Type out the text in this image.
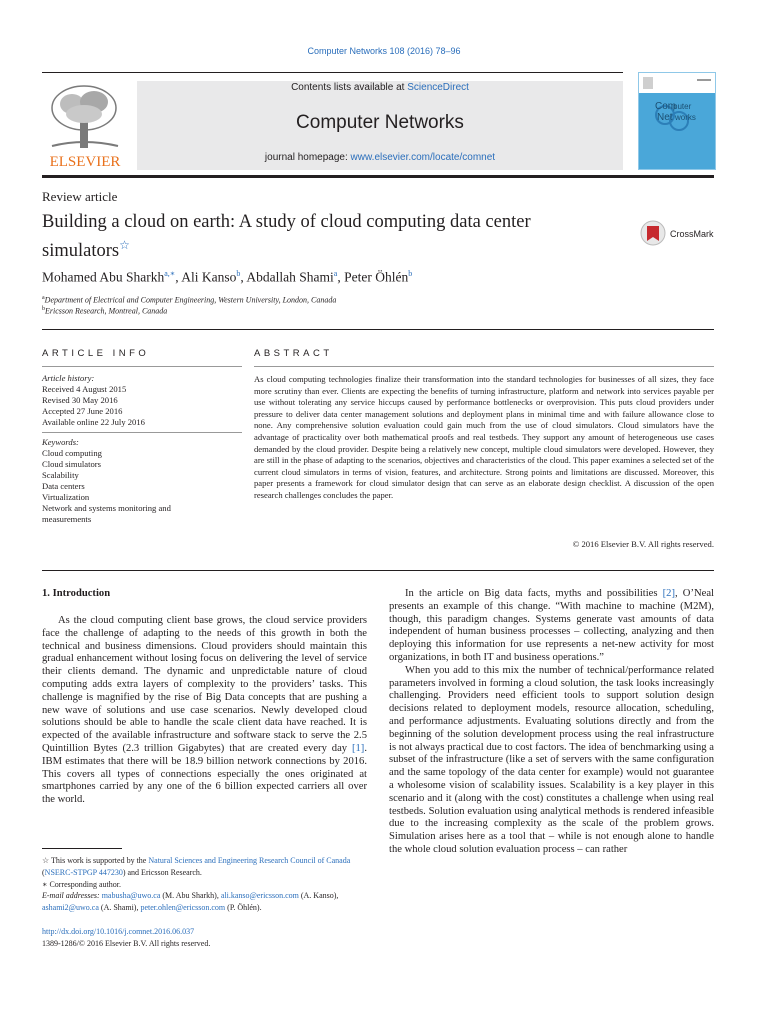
Computer Networks 108 (2016) 78–96
ELSEVIER
Contents lists available at ScienceDirect
Computer Networks
journal homepage: www.elsevier.com/locate/comnet
Com
puter
Net works
Review article
Building a cloud on earth: A study of cloud computing data center simulators☆
CrossMark
Mohamed Abu Sharkh$^{a,∗}$, Ali Kanso$^b$, Abdallah Shami$^a$, Peter Öhlén$^b$
$^a$Department of Electrical and Computer Engineering, Western University, London, Canada
$^b$Ericsson Research, Montreal, Canada
ARTICLE INFO
Article history:
Received 4 August 2015
Revised 30 May 2016
Accepted 27 June 2016
Available online 22 July 2016
Keywords:
Cloud computing
Cloud simulators
Scalability
Data centers
Virtualization
Network and systems monitoring and measurements
ABSTRACT
As cloud computing technologies finalize their transformation into the standard technologies for businesses of all sizes, they face more scrutiny than ever. Clients are expecting the benefits of turning infrastructure, platform and network into services payable per use without tolerating any service hiccups caused by performance bottlenecks or overprovision. This puts cloud providers under pressure to deliver data center management solutions and deployment plans in minimal time and with failure allowance close to none. Any comprehensive solution evaluation could gain much from the use of cloud simulators. Cloud simulators have the advantage of practicality over both mathematical proofs and real testbeds. They support any amount of heterogeneous use cases demanded by the cloud provider. Despite being a relatively new concept, multiple cloud simulators were developed. However, they are still in the phase of adapting to the scenarios, objectives and characteristics of the cloud. This paper examines a selected set of the current cloud simulators in terms of vision, features, and architecture. Strong points and limitations are discussed. Moreover, this paper presents a framework for cloud simulator design that can serve as an elaborate design checklist. A discussion of the open research challenges concludes the paper.
© 2016 Elsevier B.V. All rights reserved.
1. Introduction

As the cloud computing client base grows, the cloud service providers face the challenge of adapting to the needs of this growth in both the technical and business dimensions. Cloud providers should maintain this gradual enhancement without losing focus on delivering the level of service their clients demand. The dynamic and unpredictable nature of cloud computing adds extra layers of complexity to the providers’ tasks. This challenge is magnified by the rise of Big Data concepts that are pushing a new wave of solutions and use case scenarios. Newly developed cloud solutions should be able to handle the scale client data have reached. It is expected of the available infrastructure and software stack to serve the 2.5 Quintillion Bytes (2.3 trillion Gigabytes) that are created every day [1]. IBM estimates that there will be 18.9 billion network connections by 2016. This covers all types of connections especially the ones originated at smartphones carried by any one of the 6 billion expected carriers all over the world.

In the article on Big data facts, myths and possibilities [2], O’Neal presents an example of this change. “With machine to machine (M2M), though, this paradigm changes. Systems generate vast amounts of data independent of human business processes – collecting, analyzing and then deploying this information for use represents a net-new activity for most organizations, in both IT and business operations.”

When you add to this mix the number of technical/performance related parameters involved in forming a cloud solution, the task looks increasingly challenging. Providers need efficient tools to support solution design decisions related to deployment models, resource allocation, scheduling, and performance adjustments. Evaluating solutions directly and from the beginning of the solution development process using the real infrastructure is not always practical due to cost factors. The idea of benchmarking using a subset of the infrastructure (like a set of servers with the same configuration and the same topology of the data center for example) would not guarantee a wholesome vision of scalability issues. Scalability is a key player in this scenario and it (along with the cost) constitutes a challenge when using real testbeds. Solution evaluation using analytical methods is rendered infeasible due to the increasing complexity as the scale of the problem grows. Simulation arises here as a tool that – while is not enough alone to handle the whole cloud solution evaluation process – can rather

☆ This work is supported by the Natural Sciences and Engineering Research Council of Canada (NSERC-STPGP 447230) and Ericsson Research.
∗ Corresponding author.
E-mail addresses: mabusha@uwo.ca (M. Abu Sharkh), ali.kanso@ericsson.com (A. Kanso), ashami2@uwo.ca (A. Shami), peter.ohlen@ericsson.com (P. Öhlén).
http://dx.doi.org/10.1016/j.comnet.2016.06.037
1389-1286/© 2016 Elsevier B.V. All rights reserved.
